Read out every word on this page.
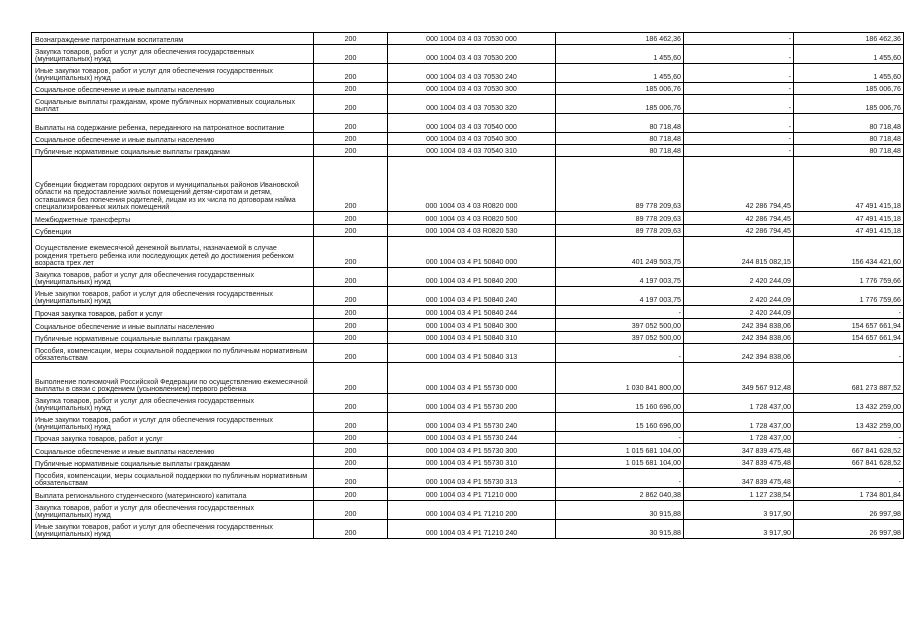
Вознаграждение патронатным воспитателям	200	000 1004 03 4 03 70530 000	186 462,36	-	186 462,36
Закупка товаров, работ и услуг для обеспечения государственных (муниципальных) нужд	200	000 1004 03 4 03 70530 200	1 455,60	-	1 455,60
Иные закупки товаров, работ и услуг для обеспечения государственных (муниципальных) нужд	200	000 1004 03 4 03 70530 240	1 455,60	-	1 455,60
Социальное обеспечение и иные выплаты населению	200	000 1004 03 4 03 70530 300	185 006,76	-	185 006,76
Социальные выплаты гражданам, кроме публичных нормативных социальных выплат	200	000 1004 03 4 03 70530 320	185 006,76	-	185 006,76
Выплаты на содержание ребенка, переданного на патронатное воспитание	200	000 1004 03 4 03 70540 000	80 718,48	-	80 718,48
Социальное обеспечение и иные выплаты населению	200	000 1004 03 4 03 70540 300	80 718,48	-	80 718,48
Публичные нормативные социальные выплаты гражданам	200	000 1004 03 4 03 70540 310	80 718,48	-	80 718,48
Субвенции бюджетам городских округов и муниципальных районов Ивановской области на предоставление жилых помещений детям-сиротам и детям, оставшимся без попечения родителей, лицам из их числа по договорам найма специализированных жилых помещений	200	000 1004 03 4 03 R0820 000	89 778 209,63	42 286 794,45	47 491 415,18
Межбюджетные трансферты	200	000 1004 03 4 03 R0820 500	89 778 209,63	42 286 794,45	47 491 415,18
Субвенции	200	000 1004 03 4 03 R0820 530	89 778 209,63	42 286 794,45	47 491 415,18
Осуществление ежемесячной денежной выплаты, назначаемой в случае рождения третьего ребенка или последующих детей до достижения ребенком возраста трех лет	200	000 1004 03 4 P1 50840 000	401 249 503,75	244 815 082,15	156 434 421,60
Закупка товаров, работ и услуг для обеспечения государственных (муниципальных) нужд	200	000 1004 03 4 P1 50840 200	4 197 003,75	2 420 244,09	1 776 759,66
Иные закупки товаров, работ и услуг для обеспечения государственных (муниципальных) нужд	200	000 1004 03 4 P1 50840 240	4 197 003,75	2 420 244,09	1 776 759,66
Прочая закупка товаров, работ и услуг	200	000 1004 03 4 P1 50840 244	-	2 420 244,09	-
Социальное обеспечение и иные выплаты населению	200	000 1004 03 4 P1 50840 300	397 052 500,00	242 394 838,06	154 657 661,94
Публичные нормативные социальные выплаты гражданам	200	000 1004 03 4 P1 50840 310	397 052 500,00	242 394 838,06	154 657 661,94
Пособия, компенсации, меры социальной поддержки по публичным нормативным обязательствам	200	000 1004 03 4 P1 50840 313	-	242 394 838,06	-
Выполнение полномочий Российской Федерации по осуществлению ежемесячной выплаты в связи с рождением (усыновлением) первого ребенка	200	000 1004 03 4 P1 55730 000	1 030 841 800,00	349 567 912,48	681 273 887,52
Закупка товаров, работ и услуг для обеспечения государственных (муниципальных) нужд	200	000 1004 03 4 P1 55730 200	15 160 696,00	1 728 437,00	13 432 259,00
Иные закупки товаров, работ и услуг для обеспечения государственных (муниципальных) нужд	200	000 1004 03 4 P1 55730 240	15 160 696,00	1 728 437,00	13 432 259,00
Прочая закупка товаров, работ и услуг	200	000 1004 03 4 P1 55730 244	-	1 728 437,00	-
Социальное обеспечение и иные выплаты населению	200	000 1004 03 4 P1 55730 300	1 015 681 104,00	347 839 475,48	667 841 628,52
Публичные нормативные социальные выплаты гражданам	200	000 1004 03 4 P1 55730 310	1 015 681 104,00	347 839 475,48	667 841 628,52
Пособия, компенсации, меры социальной поддержки по публичным нормативным обязательствам	200	000 1004 03 4 P1 55730 313	-	347 839 475,48	-
Выплата регионального студенческого (материнского) капитала	200	000 1004 03 4 P1 71210 000	2 862 040,38	1 127 238,54	1 734 801,84
Закупка товаров, работ и услуг для обеспечения государственных (муниципальных) нужд	200	000 1004 03 4 P1 71210 200	30 915,88	3 917,90	26 997,98
Иные закупки товаров, работ и услуг для обеспечения государственных (муниципальных) нужд	200	000 1004 03 4 P1 71210 240	30 915,88	3 917,90	26 997,98
